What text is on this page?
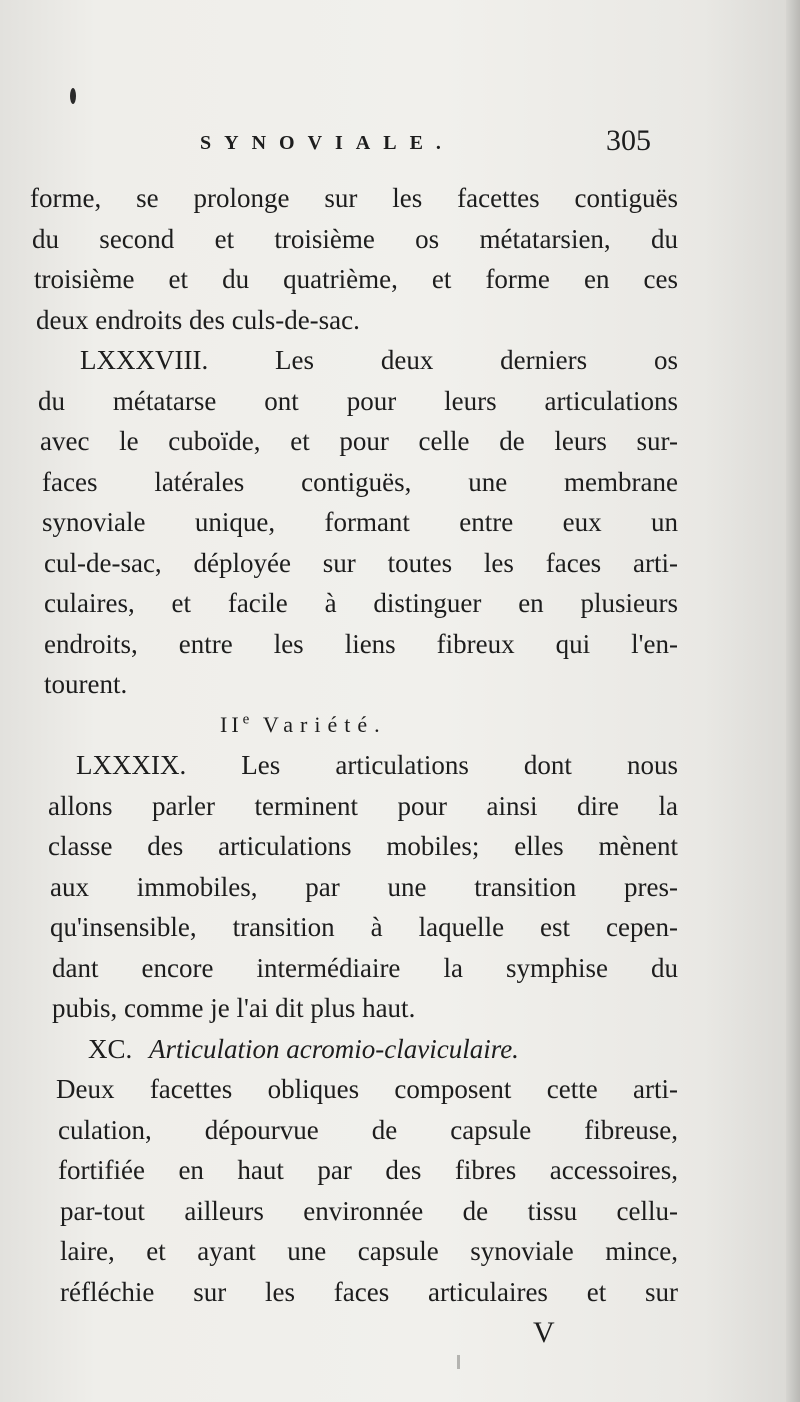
SYNOVIALE.	305
forme, se prolonge sur les facettes contiguës
du second et troisième os métatarsien, du
troisième et du quatrième, et forme en ces
deux endroits des culs-de-sac.
LXXXVIII. Les deux derniers os
du métatarse ont pour leurs articulations
avec le cuboïde, et pour celle de leurs sur-
faces latérales contiguës, une membrane
synoviale unique, formant entre eux un
cul-de-sac, déployée sur toutes les faces arti-
culaires, et facile à distinguer en plusieurs
endroits, entre les liens fibreux qui l'en-
tourent.
IIe Variété.
LXXXIX. Les articulations dont nous
allons parler terminent pour ainsi dire la
classe des articulations mobiles; elles mènent
aux immobiles, par une transition pres-
qu'insensible, transition à laquelle est cepen-
dant encore intermédiaire la symphise du
pubis, comme je l'ai dit plus haut.
XC. Articulation acromio-claviculaire.
Deux facettes obliques composent cette arti-
culation, dépourvue de capsule fibreuse,
fortifiée en haut par des fibres accessoires,
par-tout ailleurs environnée de tissu cellu-
laire, et ayant une capsule synoviale mince,
réfléchie sur les faces articulaires et sur
V
